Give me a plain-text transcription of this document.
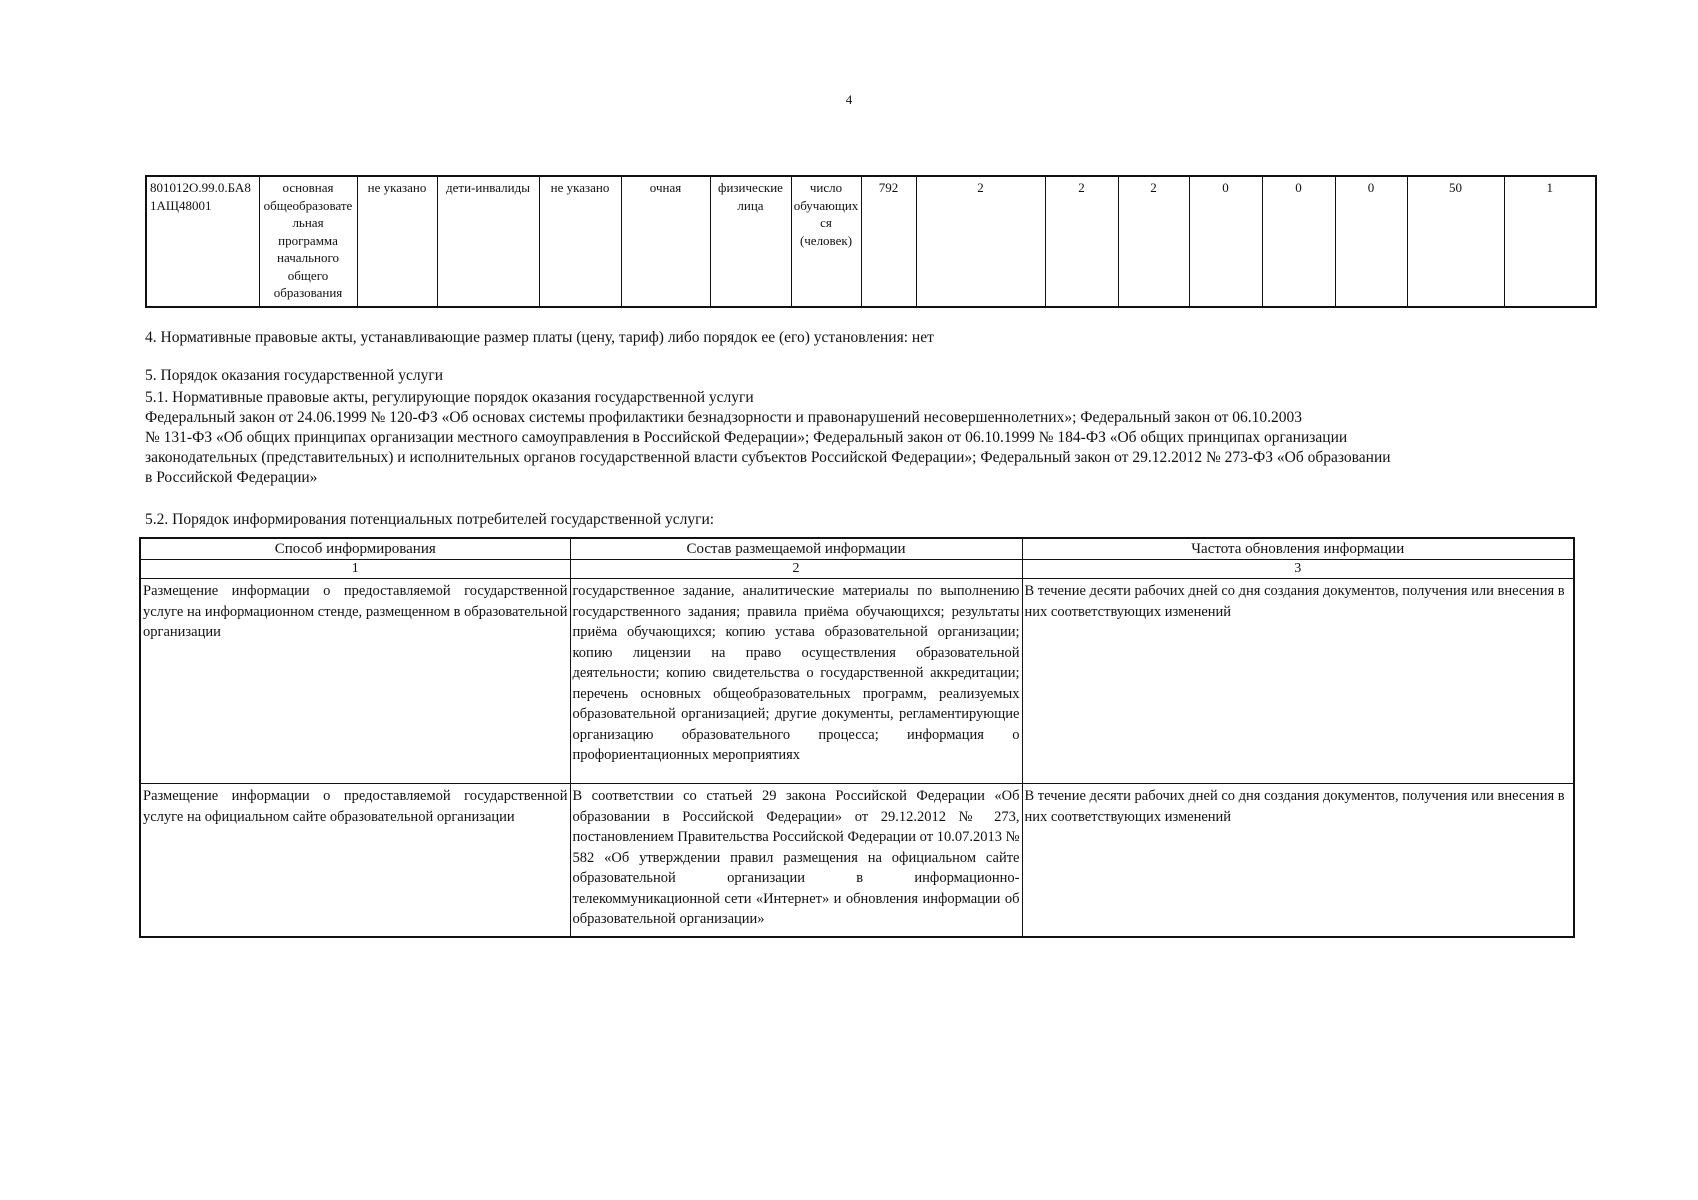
4
801012О.99.0.БА81АЩ48001	основная общеобразовательная программа начального общего образования	не указано	дети-инвалиды	не указано	очная	физические лица	число обучающихся (человек)	792	2	2	2	0	0	0	50	1
4. Нормативные правовые акты, устанавливающие размер платы (цену, тариф) либо порядок ее (его) установления: нет
5. Порядок оказания государственной услуги
5.1. Нормативные правовые акты, регулирующие порядок оказания государственной услуги
Федеральный закон от 24.06.1999 № 120-ФЗ «Об основах системы профилактики безнадзорности и правонарушений несовершеннолетних»; Федеральный закон от 06.10.2003
№ 131-ФЗ «Об общих принципах организации местного самоуправления в Российской Федерации»; Федеральный закон от 06.10.1999 № 184-ФЗ «Об общих принципах организации
законодательных (представительных) и исполнительных органов государственной власти субъектов Российской Федерации»; Федеральный закон от 29.12.2012 № 273-ФЗ «Об образовании
в Российской Федерации»
5.2. Порядок информирования потенциальных потребителей государственной услуги:
Способ информирования	Состав размещаемой информации	Частота обновления информации
1	2	3
Размещение информации о предоставляемой государственной услуге на информационном стенде, размещенном в образовательной организации	государственное задание, аналитические материалы по выполнению государственного задания; правила приёма обучающихся; результаты приёма обучающихся; копию устава образовательной организации; копию лицензии на право осуществления образовательной деятельности; копию свидетельства о государственной аккредитации; перечень основных общеобразовательных программ, реализуемых образовательной организацией; другие документы, регламентирующие организацию образовательного процесса; информация о профориентационных мероприятиях	В течение десяти рабочих дней со дня создания документов, получения или внесения в них соответствующих изменений
Размещение информации о предоставляемой государственной услуге на официальном сайте образовательной организации	В соответствии со статьей 29 закона Российской Федерации «Об образовании в Российской Федерации» от 29.12.2012 № 273, постановлением Правительства Российской Федерации от 10.07.2013 № 582 «Об утверждении правил размещения на официальном сайте образовательной организации в информационно-телекоммуникационной сети «Интернет» и обновления информации об образовательной организации»	В течение десяти рабочих дней со дня создания документов, получения или внесения в них соответствующих изменений
